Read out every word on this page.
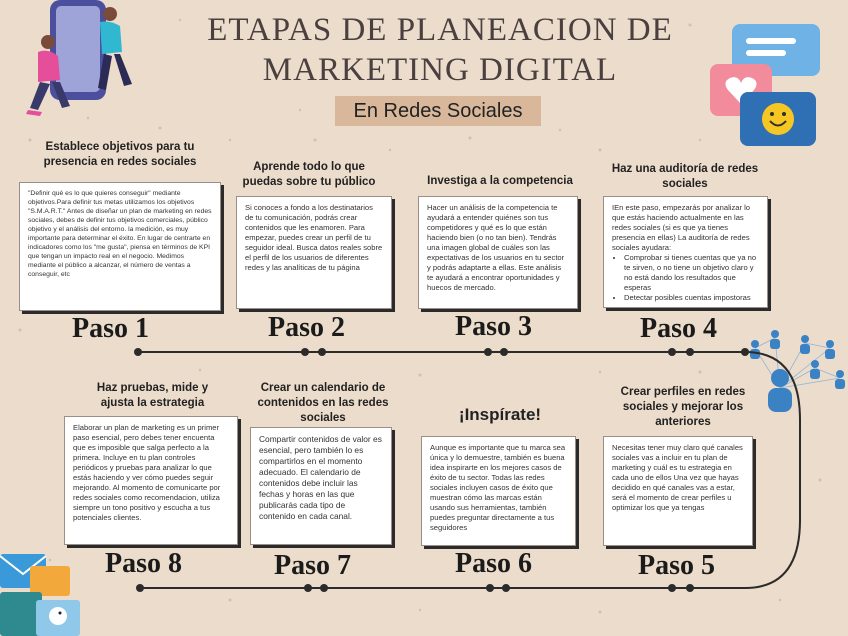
ETAPAS DE PLANEACION DE
MARKETING DIGITAL
En Redes Sociales
Establece objetivos para tu presencia en redes sociales

"Definir qué es lo que quieres conseguir" mediante objetivos.Para definir tus metas utilizamos los objetivos "S.M.A.R.T." Antes de diseñar un plan de marketing en redes sociales, debes de definir tus objetivos comerciales, público objetivo y el análisis del entorno. la medición, es muy importante para determinar el éxito. En lugar de centrarte en indicadores como los "me gusta", piensa en términos de KPI que tengan un impacto real en el negocio. Medimos mediante el público a alcanzar, el número de ventas a conseguir, etc

Paso 1
Aprende todo lo que puedas sobre tu público

Si conoces a fondo a los destinatarios de tu comunicación, podrás crear contenidos que les enamoren. Para empezar, puedes crear un perfil de tu seguidor ideal. Busca datos reales sobre el perfil de los usuarios de diferentes redes y las analíticas de tu página

Paso 2
Investiga a la competencia

Hacer un análisis de la competencia te ayudará a entender quiénes son tus competidores y qué es lo que están haciendo bien (o no tan bien). Tendrás una imagen global de cuáles son las expectativas de los usuarios en tu sector y podrás adaptarte a ellas. Este análisis te ayudará a encontrar oportunidades y huecos de mercado.

Paso 3
Haz una auditoría de redes sociales

IEn este paso, empezarás por analizar lo que estás haciendo actualmente en las redes sociales (si es que ya tienes presencia en ellas) La auditoría de redes sociales ayudara:

• Comprobar si tienes cuentas que ya no te sirven, o no tiene un objetivo claro y no está dando los resultados que esperas
• Detectar posibles cuentas impostoras
Paso 4
Haz pruebas, mide y ajusta la estrategia

Elaborar un plan de marketing es un primer paso esencial, pero debes tener encuenta que es imposible que salga perfecto a la primera. Incluye en tu plan controles periódicos y pruebas para analizar lo que estás haciendo y ver cómo puedes seguir mejorando. Al momento de comunicarte por redes sociales como recomendacion, utiliza siempre un tono positivo y escucha a tus potenciales clientes.

Paso 8
Crear un calendario de contenidos en las redes sociales

Compartir contenidos de valor es esencial, pero también lo es compartirlos en el momento adecuado. El calendario de contenidos debe incluir las fechas y horas en las que publicarás cada tipo de contenido en cada canal.

Paso 7
¡Inspírate!

Aunque es importante que tu marca sea única y lo demuestre, también es buena idea inspirarte en los mejores casos de éxito de tu sector. Todas las redes sociales incluyen casos de éxito que muestran cómo las marcas están usando sus herramientas, también puedes preguntar directamente a tus seguidores

Paso 6
Crear perfiles en redes sociales y mejorar los anteriores

Necesitas tener muy claro qué canales sociales vas a incluir en tu plan de marketing y cuál es tu estrategia en cada uno de ellos Una vez que hayas decidido en qué canales vas a estar, será el momento de crear perfiles u optimizar los que ya tengas

Paso 5
